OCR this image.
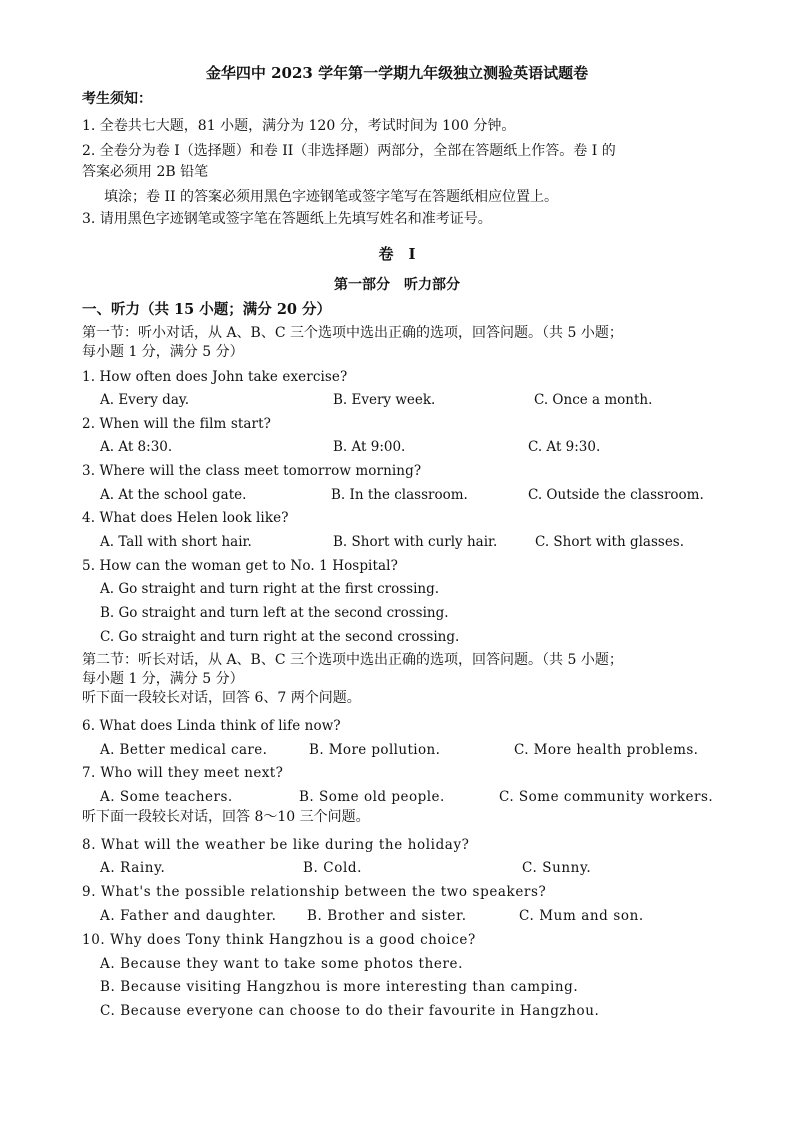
金华四中 2023 学年第一学期九年级独立测验英语试题卷
考生须知：
1. 全卷共七大题，81 小题，满分为 120 分，考试时间为 100 分钟。
2. 全卷分为卷 I（选择题）和卷 II（非选择题）两部分，全部在答题纸上作答。卷 I 的
答案必须用 2B 铅笔
填涂；卷 II 的答案必须用黑色字迹钢笔或签字笔写在答题纸相应位置上。
3. 请用黑色字迹钢笔或签字笔在答题纸上先填写姓名和准考证号。
卷　I
第一部分　听力部分
一、听力（共 15 小题；满分 20 分）
第一节：听小对话，从 A、B、C 三个选项中选出正确的选项，回答问题。（共 5 小题；
每小题 1 分，满分 5 分）
1. How often does John take exercise?
A. Every day.	B. Every week.	C. Once a month.
2. When will the film start?
A. At 8:30.	B. At 9:00.	C. At 9:30.
3. Where will the class meet tomorrow morning?
A. At the school gate.	B. In the classroom.	C. Outside the classroom.
4. What does Helen look like?
A. Tall with short hair.	B. Short with curly hair.	C. Short with glasses.
5. How can the woman get to No. 1 Hospital?
A. Go straight and turn right at the first crossing.
B. Go straight and turn left at the second crossing.
C. Go straight and turn right at the second crossing.
第二节：听长对话，从 A、B、C 三个选项中选出正确的选项，回答问题。（共 5 小题；
每小题 1 分，满分 5 分）
听下面一段较长对话，回答 6、7 两个问题。
6. What does Linda think of life now?
A. Better medical care.	B. More pollution.	C. More health problems.
7. Who will they meet next?
A. Some teachers.	B. Some old people.	C. Some community workers.
听下面一段较长对话，回答 8～10 三个问题。
8. What will the weather be like during the holiday?
A. Rainy.	B. Cold.	C. Sunny.
9. What's the possible relationship between the two speakers?
A. Father and daughter. B. Brother and sister.	C. Mum and son.
10. Why does Tony think Hangzhou is a good choice?
A. Because they want to take some photos there.
B. Because visiting Hangzhou is more interesting than camping.
C. Because everyone can choose to do their favourite in Hangzhou.
